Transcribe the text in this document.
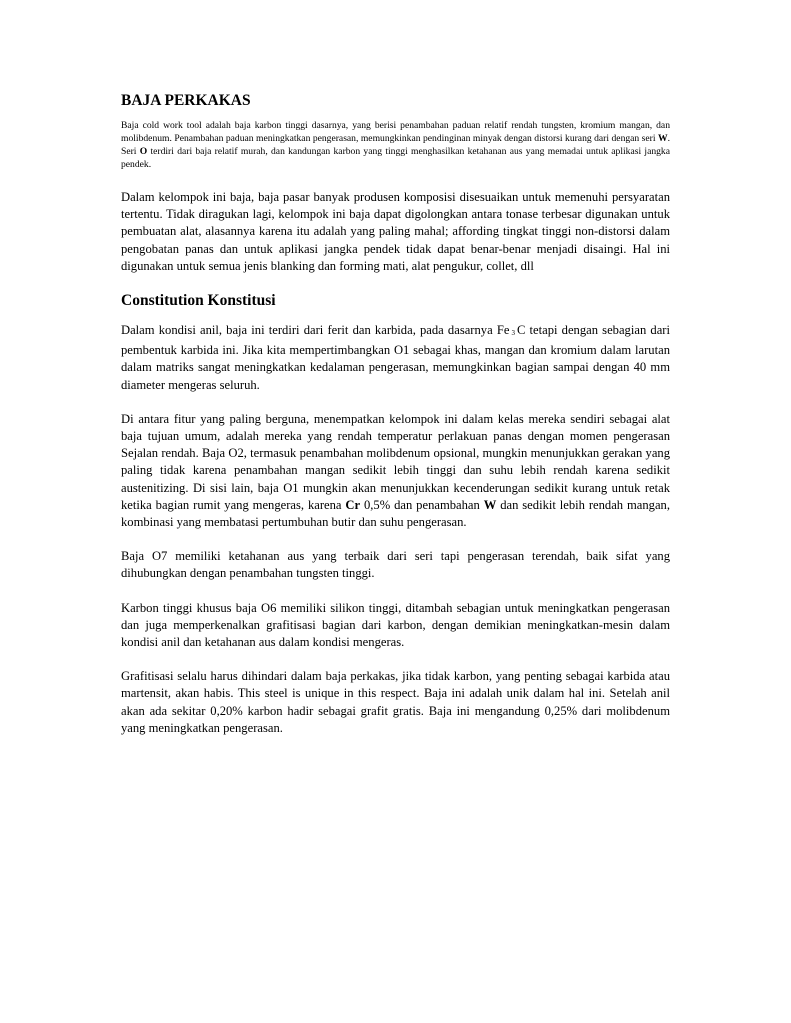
BAJA PERKAKAS

Baja cold work tool adalah baja karbon tinggi dasarnya, yang berisi penambahan paduan relatif rendah tungsten, kromium mangan, dan molibdenum. Penambahan paduan meningkatkan pengerasan, memungkinkan pendinginan minyak dengan distorsi kurang dari dengan seri W. Seri O terdiri dari baja relatif murah, dan kandungan karbon yang tinggi menghasilkan ketahanan aus yang memadai untuk aplikasi jangka pendek.

Dalam kelompok ini baja, baja pasar banyak produsen komposisi disesuaikan untuk memenuhi persyaratan tertentu. Tidak diragukan lagi, kelompok ini baja dapat digolongkan antara tonase terbesar digunakan untuk pembuatan alat, alasannya karena itu adalah yang paling mahal; affording tingkat tinggi non-distorsi dalam pengobatan panas dan untuk aplikasi jangka pendek tidak dapat benar-benar menjadi disaingi. Hal ini digunakan untuk semua jenis blanking dan forming mati, alat pengukur, collet, dll

Constitution Konstitusi

Dalam kondisi anil, baja ini terdiri dari ferit dan karbida, pada dasarnya Fe 3 C tetapi dengan sebagian dari pembentuk karbida ini. Jika kita mempertimbangkan O1 sebagai khas, mangan dan kromium dalam larutan dalam matriks sangat meningkatkan kedalaman pengerasan, memungkinkan bagian sampai dengan 40 mm diameter mengeras seluruh.

Di antara fitur yang paling berguna, menempatkan kelompok ini dalam kelas mereka sendiri sebagai alat baja tujuan umum, adalah mereka yang rendah temperatur perlakuan panas dengan momen pengerasan Sejalan rendah. Baja O2, termasuk penambahan molibdenum opsional, mungkin menunjukkan gerakan yang paling tidak karena penambahan mangan sedikit lebih tinggi dan suhu lebih rendah karena sedikit austenitizing. Di sisi lain, baja O1 mungkin akan menunjukkan kecenderungan sedikit kurang untuk retak ketika bagian rumit yang mengeras, karena Cr 0,5% dan penambahan W dan sedikit lebih rendah mangan, kombinasi yang membatasi pertumbuhan butir dan suhu pengerasan.

Baja O7 memiliki ketahanan aus yang terbaik dari seri tapi pengerasan terendah, baik sifat yang dihubungkan dengan penambahan tungsten tinggi.

Karbon tinggi khusus baja O6 memiliki silikon tinggi, ditambah sebagian untuk meningkatkan pengerasan dan juga memperkenalkan grafitisasi bagian dari karbon, dengan demikian meningkatkan-mesin dalam kondisi anil dan ketahanan aus dalam kondisi mengeras.

Grafitisasi selalu harus dihindari dalam baja perkakas, jika tidak karbon, yang penting sebagai karbida atau martensit, akan habis. This steel is unique in this respect. Baja ini adalah unik dalam hal ini. Setelah anil akan ada sekitar 0,20% karbon hadir sebagai grafit gratis. Baja ini mengandung 0,25% dari molibdenum yang meningkatkan pengerasan.
